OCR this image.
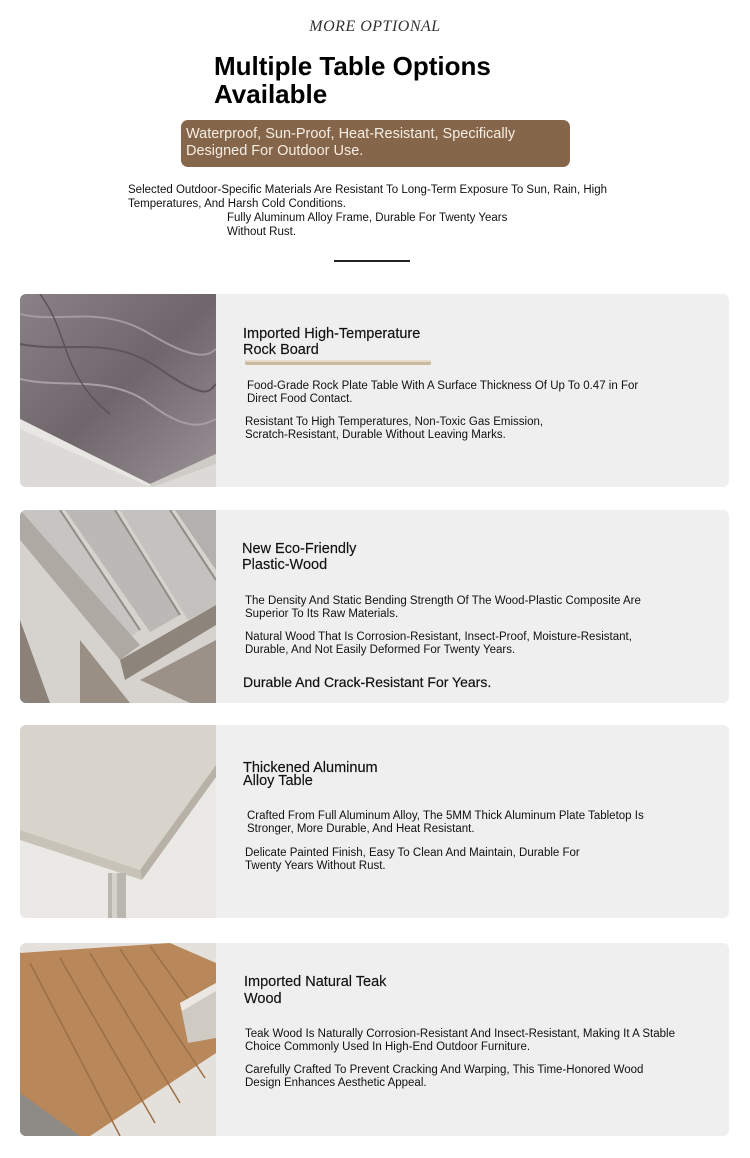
MORE OPTIONAL
Multiple Table Options Available
Waterproof, Sun-Proof, Heat-Resistant, Specifically Designed For Outdoor Use.
Selected Outdoor-Specific Materials Are Resistant To Long-Term Exposure To Sun, Rain, High Temperatures, And Harsh Cold Conditions.
Fully Aluminum Alloy Frame, Durable For Twenty Years Without Rust.
Imported High-Temperature
Rock Board
Food-Grade Rock Plate Table With A Surface Thickness Of Up To 0.47 in For Direct Food Contact.
Resistant To High Temperatures, Non-Toxic Gas Emission, Scratch-Resistant, Durable Without Leaving Marks.
New Eco-Friendly
Plastic-Wood
The Density And Static Bending Strength Of The Wood-Plastic Composite Are Superior To Its Raw Materials.
Natural Wood That Is Corrosion-Resistant, Insect-Proof, Moisture-Resistant, Durable, And Not Easily Deformed For Twenty Years.
Durable And Crack-Resistant For Years.
Thickened Aluminum
Alloy Table
Crafted From Full Aluminum Alloy, The 5MM Thick Aluminum Plate Tabletop Is Stronger, More Durable, And Heat Resistant.
Delicate Painted Finish, Easy To Clean And Maintain, Durable For Twenty Years Without Rust.
Imported Natural Teak
Wood
Teak Wood Is Naturally Corrosion-Resistant And Insect-Resistant, Making It A Stable Choice Commonly Used In High-End Outdoor Furniture.
Carefully Crafted To Prevent Cracking And Warping, This Time-Honored Wood Design Enhances Aesthetic Appeal.
